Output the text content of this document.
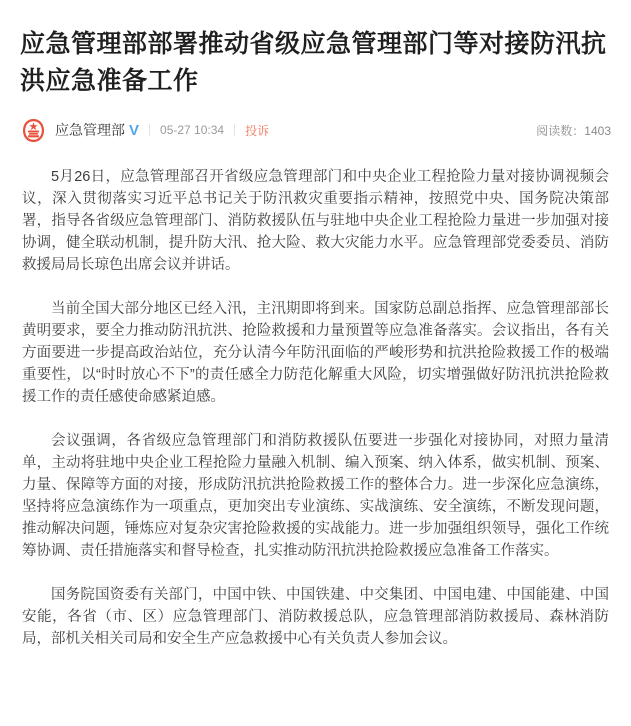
应急管理部部署推动省级应急管理部门等对接防汛抗洪应急准备工作
应急管理部 V 05-27 10:34 投诉	阅读数：1403

5月26日，应急管理部召开省级应急管理部门和中央企业工程抢险力量对接协调视频会议，深入贯彻落实习近平总书记关于防汛救灾重要指示精神，按照党中央、国务院决策部署，指导各省级应急管理部门、消防救援队伍与驻地中央企业工程抢险力量进一步加强对接协调，健全联动机制，提升防大汛、抢大险、救大灾能力水平。应急管理部党委委员、消防救援局局长琼色出席会议并讲话。

当前全国大部分地区已经入汛，主汛期即将到来。国家防总副总指挥、应急管理部部长黄明要求，要全力推动防汛抗洪、抢险救援和力量预置等应急准备落实。会议指出，各有关方面要进一步提高政治站位，充分认清今年防汛面临的严峻形势和抗洪抢险救援工作的极端重要性，以“时时放心不下”的责任感全力防范化解重大风险，切实增强做好防汛抗洪抢险救援工作的责任感使命感紧迫感。

会议强调，各省级应急管理部门和消防救援队伍要进一步强化对接协同，对照力量清单，主动将驻地中央企业工程抢险力量融入机制、编入预案、纳入体系，做实机制、预案、力量、保障等方面的对接，形成防汛抗洪抢险救援工作的整体合力。进一步深化应急演练，坚持将应急演练作为一项重点，更加突出专业演练、实战演练、安全演练，不断发现问题，推动解决问题，锤炼应对复杂灾害抢险救援的实战能力。进一步加强组织领导，强化工作统筹协调、责任措施落实和督导检查，扎实推动防汛抗洪抢险救援应急准备工作落实。

国务院国资委有关部门，中国中铁、中国铁建、中交集团、中国电建、中国能建、中国安能，各省（市、区）应急管理部门、消防救援总队，应急管理部消防救援局、森林消防局，部机关相关司局和安全生产应急救援中心有关负责人参加会议。
